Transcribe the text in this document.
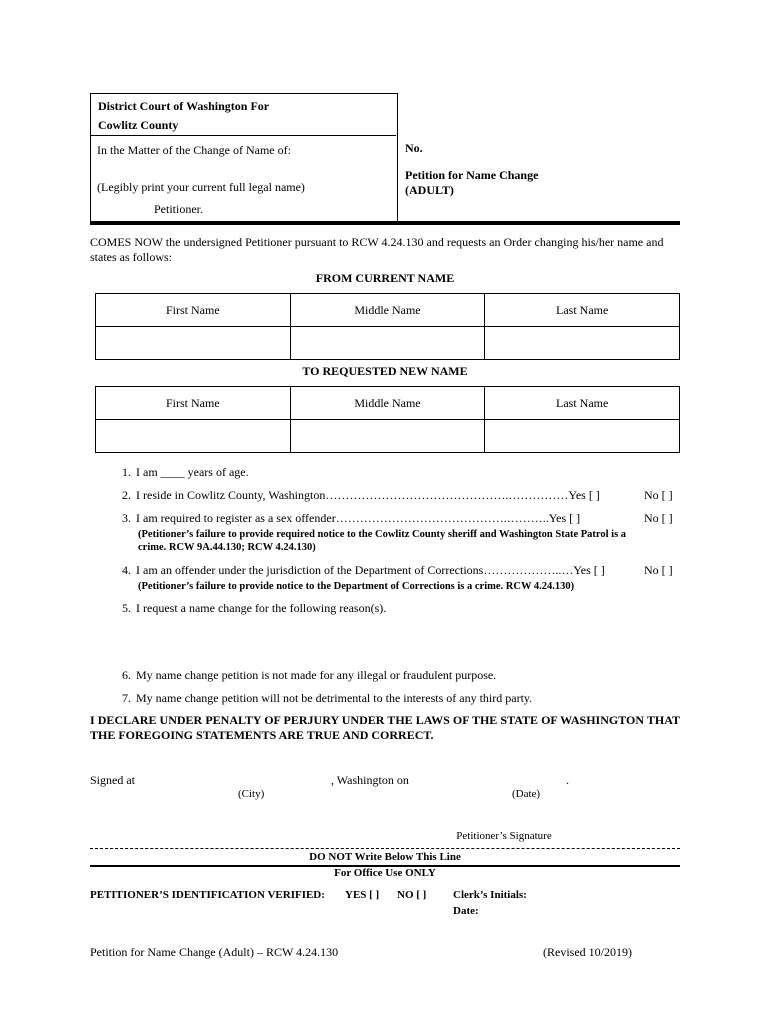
District Court of Washington For
Cowlitz County
In the Matter of the Change of Name of:
(Legibly print your current full legal name)
Petitioner.
No.
Petition for Name Change
(ADULT)
COMES NOW the undersigned Petitioner pursuant to RCW 4.24.130 and requests an Order changing his/her name and states as follows:
FROM CURRENT NAME
First Name	Middle Name	Last Name

TO REQUESTED NEW NAME
First Name	Middle Name	Last Name

1. I am ____ years of age.
2. I reside in Cowlitz County, Washington……………………………………….……………Yes [ ]	No [ ]
3. I am required to register as a sex offender…………………………………….………..Yes [ ]	No [ ]
(Petitioner’s failure to provide required notice to the Cowlitz County sheriff and Washington State Patrol is a crime. RCW 9A.44.130; RCW 4.24.130)
4. I am an offender under the jurisdiction of the Department of Corrections………………..…Yes [ ]	No [ ]
(Petitioner’s failure to provide notice to the Department of Corrections is a crime. RCW 4.24.130)
5. I request a name change for the following reason(s).
6. My name change petition is not made for any illegal or fraudulent purpose.
7. My name change petition will not be detrimental to the interests of any third party.
I DECLARE UNDER PENALTY OF PERJURY UNDER THE LAWS OF THE STATE OF WASHINGTON THAT THE FOREGOING STATEMENTS ARE TRUE AND CORRECT.
Signed at	, Washington on	.
(City)	(Date)
Petitioner’s Signature
DO NOT Write Below This Line
For Office Use ONLY
PETITIONER’S IDENTIFICATION VERIFIED: YES [ ] NO [ ] Clerk’s Initials:
Date:
Petition for Name Change (Adult) – RCW 4.24.130	(Revised 10/2019)
